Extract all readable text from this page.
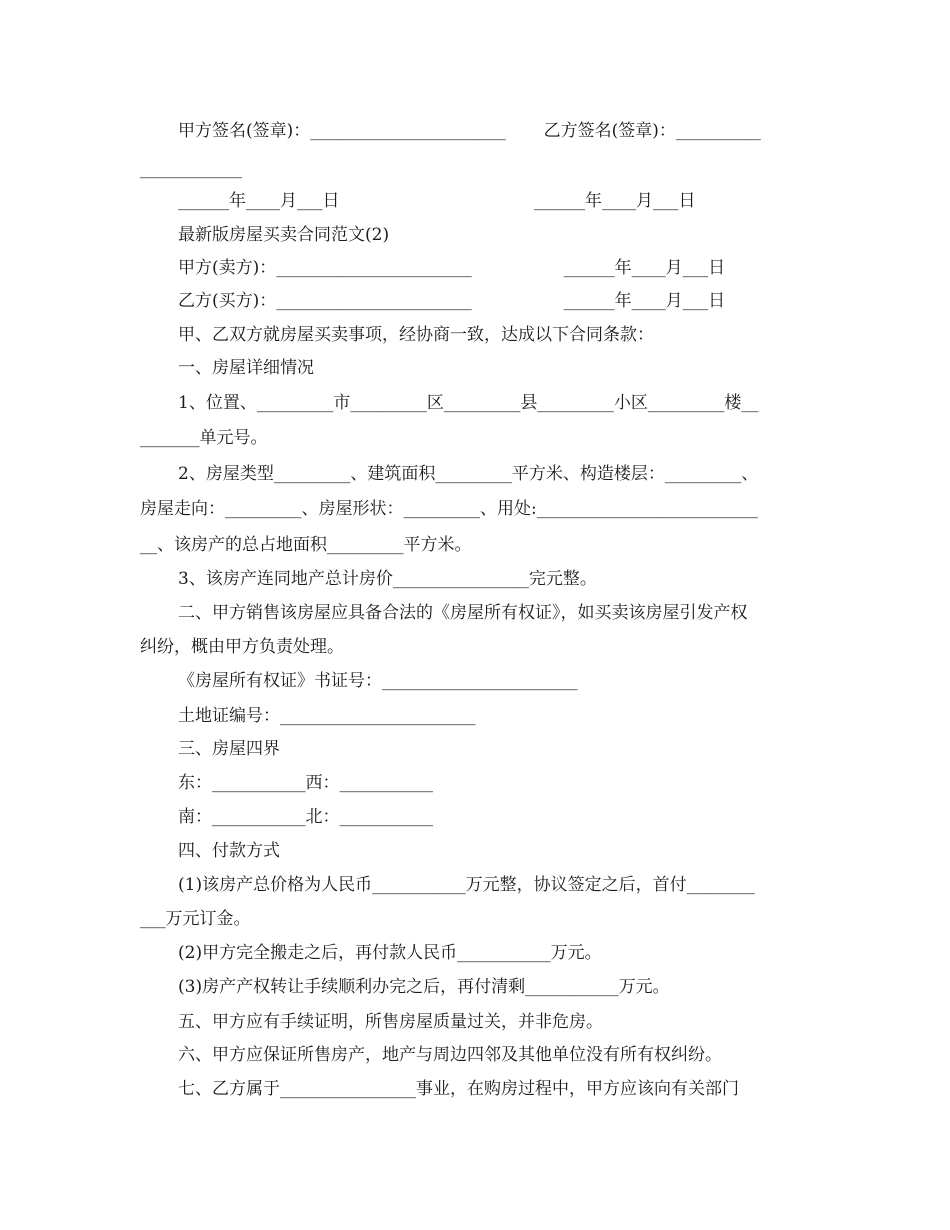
甲方签名(签章)：_______________________       乙方签名(签章)：__________
____________
______年____月___日                                    ______年____月___日
最新版房屋买卖合同范文(2)
甲方(卖方)：_______________________                 ______年____月___日
乙方(买方)：_______________________                 ______年____月___日
甲、乙双方就房屋买卖事项，经协商一致，达成以下合同条款：
一、房屋详细情况
1、位置、_________市_________区_________县_________小区_________楼__
_______单元号。
2、房屋类型_________、建筑面积_________平方米、构造楼层：_________、
房屋走向：_________、房屋形状：_________、用处:__________________________
__、该房产的总占地面积_________平方米。
3、该房产连同地产总计房价________________完元整。
二、甲方销售该房屋应具备合法的《房屋所有权证》，如买卖该房屋引发产权
纠纷，概由甲方负责处理。
《房屋所有权证》书证号：_______________________
土地证编号：_______________________
三、房屋四界
东：___________西：___________
南：___________北：___________
四、付款方式
(1)该房产总价格为人民币___________万元整，协议签定之后，首付________
___万元订金。
(2)甲方完全搬走之后，再付款人民币___________万元。
(3)房产产权转让手续顺利办完之后，再付清剩___________万元。
五、甲方应有手续证明，所售房屋质量过关，并非危房。
六、甲方应保证所售房产，地产与周边四邻及其他单位没有所有权纠纷。
七、乙方属于________________事业，在购房过程中，甲方应该向有关部门
